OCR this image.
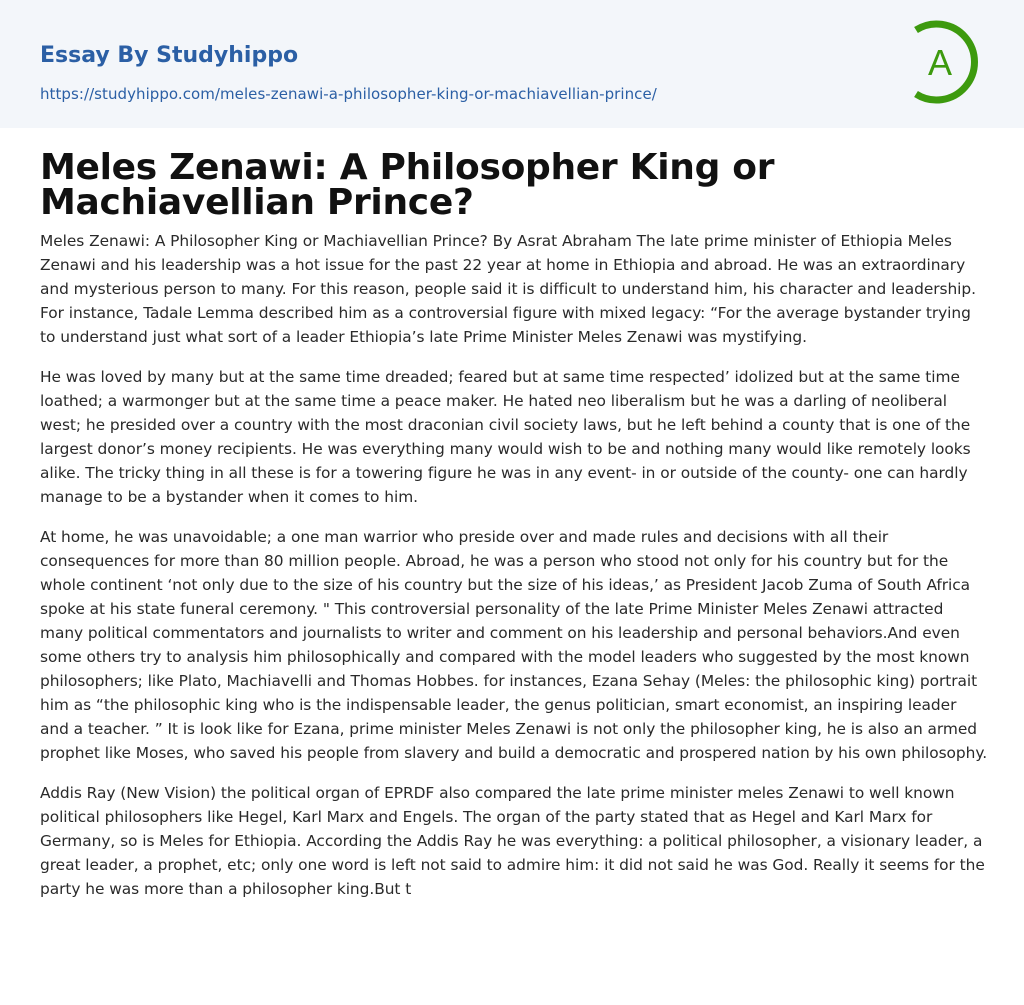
Essay By Studyhippo
https://studyhippo.com/meles-zenawi-a-philosopher-king-or-machiavellian-prince/
A
Meles Zenawi: A Philosopher King or Machiavellian Prince?

Meles Zenawi: A Philosopher King or Machiavellian Prince? By Asrat Abraham The late prime minister of Ethiopia Meles Zenawi and his leadership was a hot issue for the past 22 year at home in Ethiopia and abroad. He was an extraordinary and mysterious person to many. For this reason, people said it is difficult to understand him, his character and leadership. For instance, Tadale Lemma described him as a controversial figure with mixed legacy: “For the average bystander trying to understand just what sort of a leader Ethiopia’s late Prime Minister Meles Zenawi was mystifying.

He was loved by many but at the same time dreaded; feared but at same time respected’ idolized but at the same time loathed; a warmonger but at the same time a peace maker. He hated neo liberalism but he was a darling of neoliberal west; he presided over a country with the most draconian civil society laws, but he left behind a county that is one of the largest donor’s money recipients. He was everything many would wish to be and nothing many would like remotely looks alike. The tricky thing in all these is for a towering figure he was in any event- in or outside of the county- one can hardly manage to be a bystander when it comes to him.

At home, he was unavoidable; a one man warrior who preside over and made rules and decisions with all their consequences for more than 80 million people. Abroad, he was a person who stood not only for his country but for the whole continent ‘not only due to the size of his country but the size of his ideas,’ as President Jacob Zuma of South Africa spoke at his state funeral ceremony. " This controversial personality of the late Prime Minister Meles Zenawi attracted many political commentators and journalists to writer and comment on his leadership and personal behaviors.And even some others try to analysis him philosophically and compared with the model leaders who suggested by the most known philosophers; like Plato, Machiavelli and Thomas Hobbes. for instances, Ezana Sehay (Meles: the philosophic king) portrait him as “the philosophic king who is the indispensable leader, the genus politician, smart economist, an inspiring leader and a teacher. ” It is look like for Ezana, prime minister Meles Zenawi is not only the philosopher king, he is also an armed prophet like Moses, who saved his people from slavery and build a democratic and prospered nation by his own philosophy.

Addis Ray (New Vision) the political organ of EPRDF also compared the late prime minister meles Zenawi to well known political philosophers like Hegel, Karl Marx and Engels. The organ of the party stated that as Hegel and Karl Marx for Germany, so is Meles for Ethiopia. According the Addis Ray he was everything: a political philosopher, a visionary leader, a great leader, a prophet, etc; only one word is left not said to admire him: it did not said he was God. Really it seems for the party he was more than a philosopher king.But t
